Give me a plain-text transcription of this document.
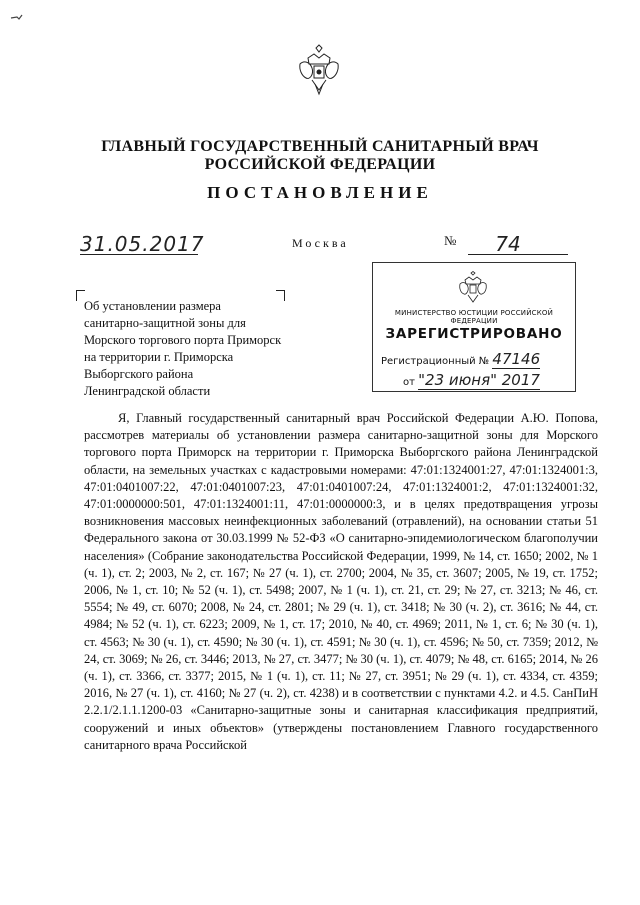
ГЛАВНЫЙ ГОСУДАРСТВЕННЫЙ САНИТАРНЫЙ ВРАЧ
РОССИЙСКОЙ ФЕДЕРАЦИИ
ПОСТАНОВЛЕНИЕ
31.05.2017	Москва	№	74
Об установлении размера
санитарно-защитной зоны для
Морского торгового порта Приморск
на территории г. Приморска
Выборгского района
Ленинградской области
МИНИСТЕРСТВО ЮСТИЦИИ РОССИЙСКОЙ ФЕДЕРАЦИИ
ЗАРЕГИСТРИРОВАНО
Регистрационный № 47146
от "23 июня" 2017

Я, Главный государственный санитарный врач Российской Федерации А.Ю. Попова, рассмотрев материалы об установлении размера санитарно-защитной зоны для Морского торгового порта Приморск на территории г. Приморска Выборгского района Ленинградской области, на земельных участках с кадастровыми номерами: 47:01:1324001:27, 47:01:1324001:3, 47:01:0401007:22, 47:01:0401007:23, 47:01:0401007:24, 47:01:1324001:2, 47:01:1324001:32, 47:01:0000000:501, 47:01:1324001:11, 47:01:0000000:3, и в целях предотвращения угрозы возникновения массовых неинфекционных заболеваний (отравлений), на основании статьи 51 Федерального закона от 30.03.1999 № 52-ФЗ «О санитарно-эпидемиологическом благополучии населения» (Собрание законодательства Российской Федерации, 1999, № 14, ст. 1650; 2002, № 1 (ч. 1), ст. 2; 2003, № 2, ст. 167; № 27 (ч. 1), ст. 2700; 2004, № 35, ст. 3607; 2005, № 19, ст. 1752; 2006, № 1, ст. 10; № 52 (ч. 1), ст. 5498; 2007, № 1 (ч. 1), ст. 21, ст. 29; № 27, ст. 3213; № 46, ст. 5554; № 49, ст. 6070; 2008, № 24, ст. 2801; № 29 (ч. 1), ст. 3418; № 30 (ч. 2), ст. 3616; № 44, ст. 4984; № 52 (ч. 1), ст. 6223; 2009, № 1, ст. 17; 2010, № 40, ст. 4969; 2011, № 1, ст. 6; № 30 (ч. 1), ст. 4563; № 30 (ч. 1), ст. 4590; № 30 (ч. 1), ст. 4591; № 30 (ч. 1), ст. 4596; № 50, ст. 7359; 2012, № 24, ст. 3069; № 26, ст. 3446; 2013, № 27, ст. 3477; № 30 (ч. 1), ст. 4079; № 48, ст. 6165; 2014, № 26 (ч. 1), ст. 3366, ст. 3377; 2015, № 1 (ч. 1), ст. 11; № 27, ст. 3951; № 29 (ч. 1), ст. 4334, ст. 4359; 2016, № 27 (ч. 1), ст. 4160; № 27 (ч. 2), ст. 4238) и в соответствии с пунктами 4.2. и 4.5. СанПиН 2.2.1/2.1.1.1200-03 «Санитарно-защитные зоны и санитарная классификация предприятий, сооружений и иных объектов» (утверждены постановлением Главного государственного санитарного врача Российской
